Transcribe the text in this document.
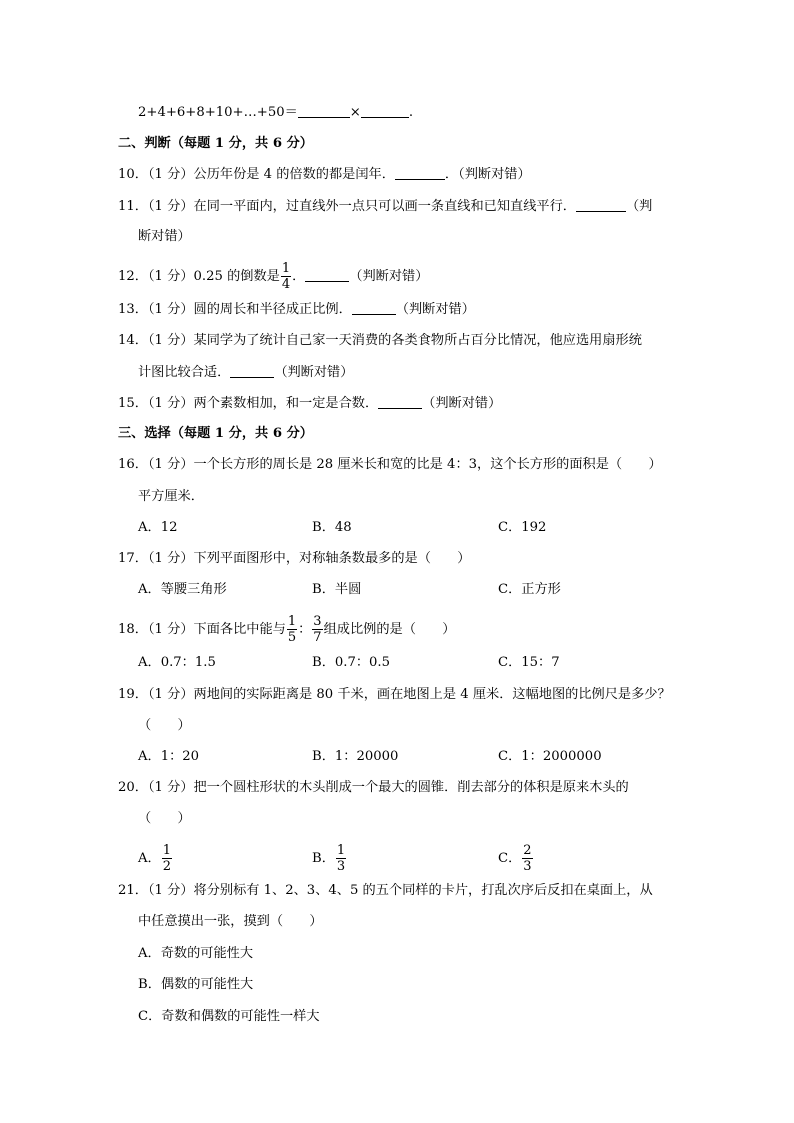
2+4+6+8+10+…+50＝	×	.
二、判断（每题 1 分，共 6 分）
10．（1 分）公历年份是 4 的倍数的都是闰年．	．（判断对错）
11．（1 分）在同一平面内，过直线外一点只可以画一条直线和已知直线平行．	（判
断对错）
12．（1 分）0.25 的倒数是 $\frac{1}{4}$ ．	（判断对错）
13．（1 分）圆的周长和半径成正比例．	（判断对错）
14．（1 分）某同学为了统计自己家一天消费的各类食物所占百分比情况，他应选用扇形统
计图比较合适．	（判断对错）
15．（1 分）两个素数相加，和一定是合数．	（判断对错）
三、选择（每题 1 分，共 6 分）
16．（1 分）一个长方形的周长是 28 厘米长和宽的比是 4：3，这个长方形的面积是（　　）
平方厘米．
A．12	B．48	C．192
17．（1 分）下列平面图形中，对称轴条数最多的是（　　）
A．等腰三角形	B．半圆	C．正方形
18．（1 分）下面各比中能与 $\frac{1}{5}$ ： $\frac{3}{7}$ 组成比例的是（　　）
A．0.7：1.5	B．0.7：0.5	C．15：7
19．（1 分）两地间的实际距离是 80 千米，画在地图上是 4 厘米．这幅地图的比例尺是多少？
（　　）
A．1：20	B．1：20000	C．1：2000000
20．（1 分）把一个圆柱形状的木头削成一个最大的圆锥．削去部分的体积是原来木头的
（　　）
A． $\frac{1}{2}$	B． $\frac{1}{3}$	C． $\frac{2}{3}$
21．（1 分）将分别标有 1、2、3、4、5 的五个同样的卡片，打乱次序后反扣在桌面上，从
中任意摸出一张，摸到（　　）
A．奇数的可能性大
B．偶数的可能性大
C．奇数和偶数的可能性一样大
